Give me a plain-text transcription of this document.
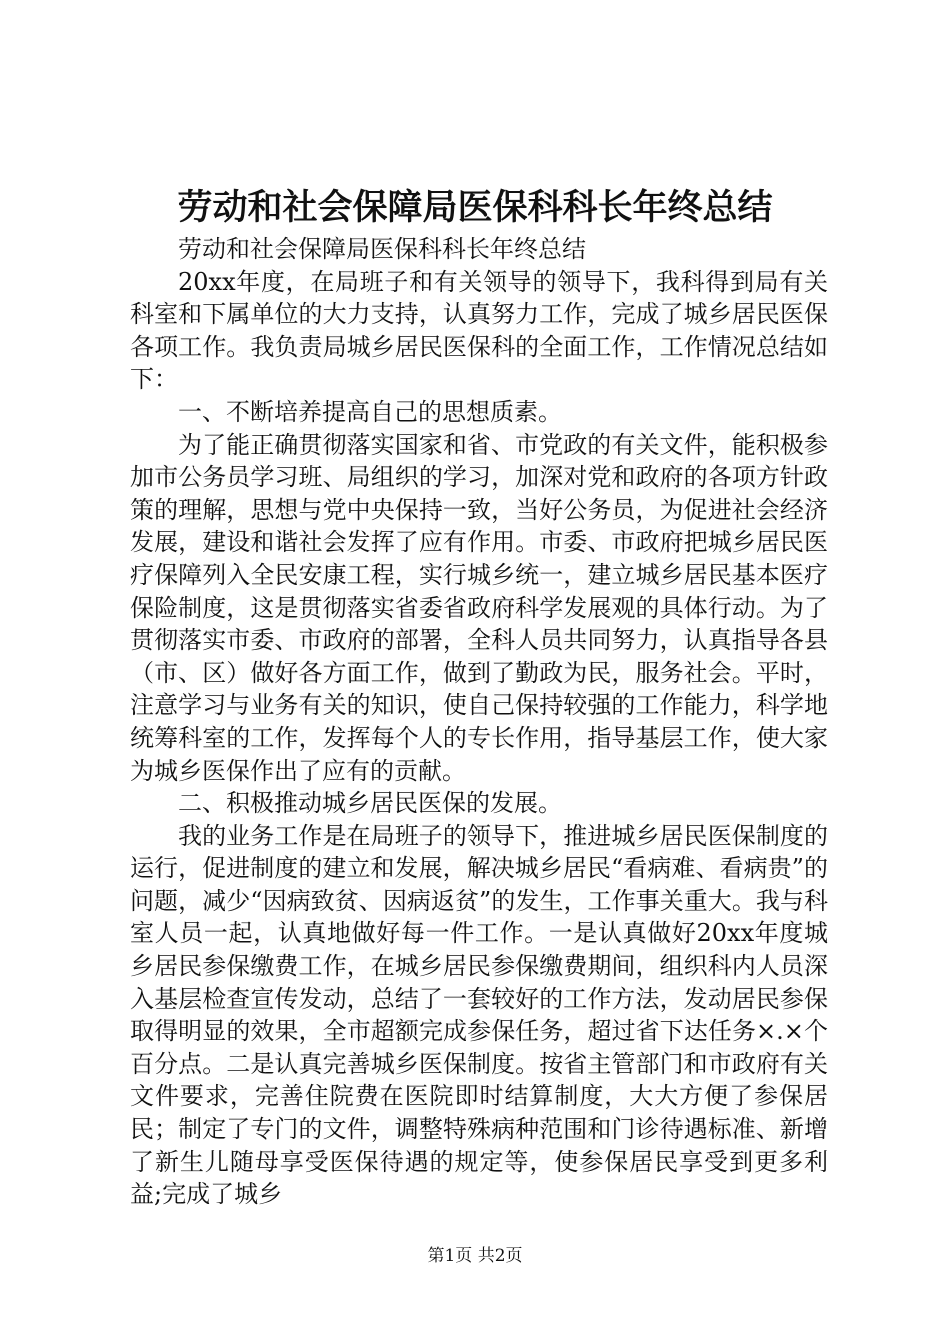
劳动和社会保障局医保科科长年终总结

劳动和社会保障局医保科科长年终总结

20xx年度，在局班子和有关领导的领导下，我科得到局有关科室和下属单位的大力支持，认真努力工作，完成了城乡居民医保各项工作。我负责局城乡居民医保科的全面工作，工作情况总结如下：

一、不断培养提高自己的思想质素。

为了能正确贯彻落实国家和省、市党政的有关文件，能积极参加市公务员学习班、局组织的学习，加深对党和政府的各项方针政策的理解，思想与党中央保持一致，当好公务员，为促进社会经济发展，建设和谐社会发挥了应有作用。市委、市政府把城乡居民医疗保障列入全民安康工程，实行城乡统一，建立城乡居民基本医疗保险制度，这是贯彻落实省委省政府科学发展观的具体行动。为了贯彻落实市委、市政府的部署，全科人员共同努力，认真指导各县（市、区）做好各方面工作，做到了勤政为民，服务社会。平时，注意学习与业务有关的知识，使自己保持较强的工作能力，科学地统筹科室的工作，发挥每个人的专长作用，指导基层工作，使大家为城乡医保作出了应有的贡献。

二、积极推动城乡居民医保的发展。

我的业务工作是在局班子的领导下，推进城乡居民医保制度的运行，促进制度的建立和发展，解决城乡居民“看病难、看病贵”的问题，减少“因病致贫、因病返贫”的发生，工作事关重大。我与科室人员一起，认真地做好每一件工作。一是认真做好20xx年度城乡居民参保缴费工作，在城乡居民参保缴费期间，组织科内人员深入基层检查宣传发动，总结了一套较好的工作方法，发动居民参保取得明显的效果，全市超额完成参保任务，超过省下达任务×.×个百分点。二是认真完善城乡医保制度。按省主管部门和市政府有关文件要求，完善住院费在医院即时结算制度，大大方便了参保居民；制定了专门的文件，调整特殊病种范围和门诊待遇标准、新增了新生儿随母享受医保待遇的规定等，使参保居民享受到更多利益;完成了城乡

第1页 共2页
